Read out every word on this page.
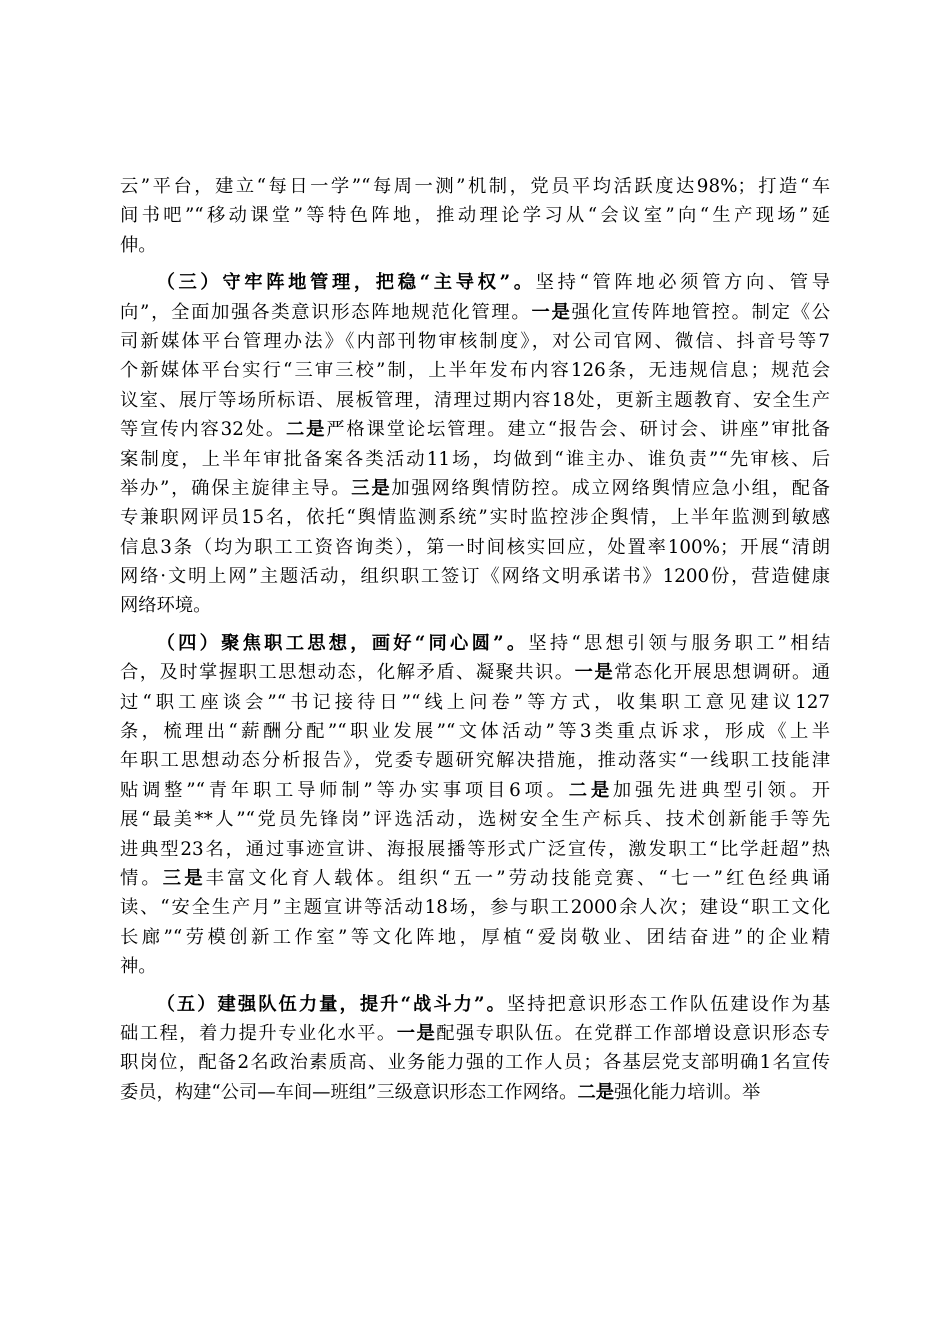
云”平台，建立“每日一学”“每周一测”机制，党员平均活跃度达98%；打造“车
间书吧”“移动课堂”等特色阵地，推动理论学习从“会议室”向“生产现场”延
伸。
（三）守牢阵地管理，把稳“主导权”。坚持“管阵地必须管方向、管导
向”，全面加强各类意识形态阵地规范化管理。一是强化宣传阵地管控。制定《公
司新媒体平台管理办法》《内部刊物审核制度》，对公司官网、微信、抖音号等7
个新媒体平台实行“三审三校”制，上半年发布内容126条，无违规信息；规范会
议室、展厅等场所标语、展板管理，清理过期内容18处，更新主题教育、安全生产
等宣传内容32处。二是严格课堂论坛管理。建立“报告会、研讨会、讲座”审批备
案制度，上半年审批备案各类活动11场，均做到“谁主办、谁负责”“先审核、后
举办”，确保主旋律主导。三是加强网络舆情防控。成立网络舆情应急小组，配备
专兼职网评员15名，依托“舆情监测系统”实时监控涉企舆情，上半年监测到敏感
信息3条（均为职工工资咨询类），第一时间核实回应，处置率100%；开展“清朗
网络·文明上网”主题活动，组织职工签订《网络文明承诺书》1200份，营造健康
网络环境。
（四）聚焦职工思想，画好“同心圆”。坚持“思想引领与服务职工”相结
合，及时掌握职工思想动态，化解矛盾、凝聚共识。一是常态化开展思想调研。通
过“职工座谈会”“书记接待日”“线上问卷”等方式，收集职工意见建议127
条，梳理出“薪酬分配”“职业发展”“文体活动”等3类重点诉求，形成《上半
年职工思想动态分析报告》，党委专题研究解决措施，推动落实“一线职工技能津
贴调整”“青年职工导师制”等办实事项目6项。二是加强先进典型引领。开
展“最美**人”“党员先锋岗”评选活动，选树安全生产标兵、技术创新能手等先
进典型23名，通过事迹宣讲、海报展播等形式广泛宣传，激发职工“比学赶超”热
情。三是丰富文化育人载体。组织“五一”劳动技能竞赛、“七一”红色经典诵
读、“安全生产月”主题宣讲等活动18场，参与职工2000余人次；建设“职工文化
长廊”“劳模创新工作室”等文化阵地，厚植“爱岗敬业、团结奋进”的企业精
神。
（五）建强队伍力量，提升“战斗力”。坚持把意识形态工作队伍建设作为基
础工程，着力提升专业化水平。一是配强专职队伍。在党群工作部增设意识形态专
职岗位，配备2名政治素质高、业务能力强的工作人员；各基层党支部明确1名宣传
委员，构建“公司—车间—班组”三级意识形态工作网络。二是强化能力培训。举
